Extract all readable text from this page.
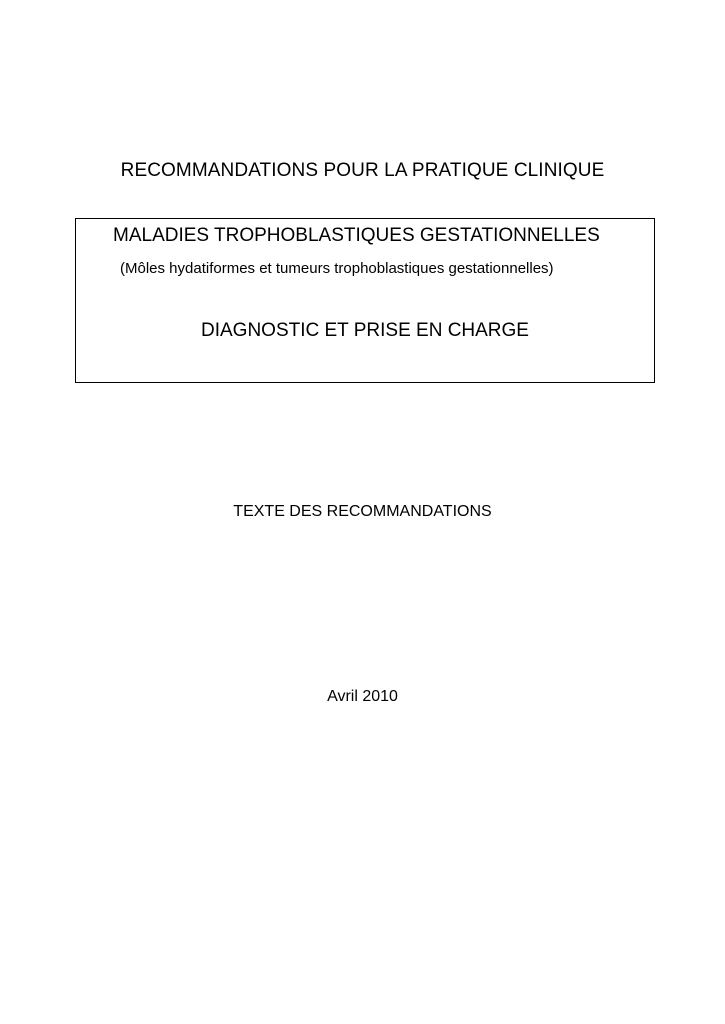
RECOMMANDATIONS POUR LA PRATIQUE CLINIQUE
MALADIES TROPHOBLASTIQUES GESTATIONNELLES
(Môles hydatiformes et tumeurs trophoblastiques gestationnelles)
DIAGNOSTIC ET PRISE EN CHARGE
TEXTE DES RECOMMANDATIONS
Avril 2010
